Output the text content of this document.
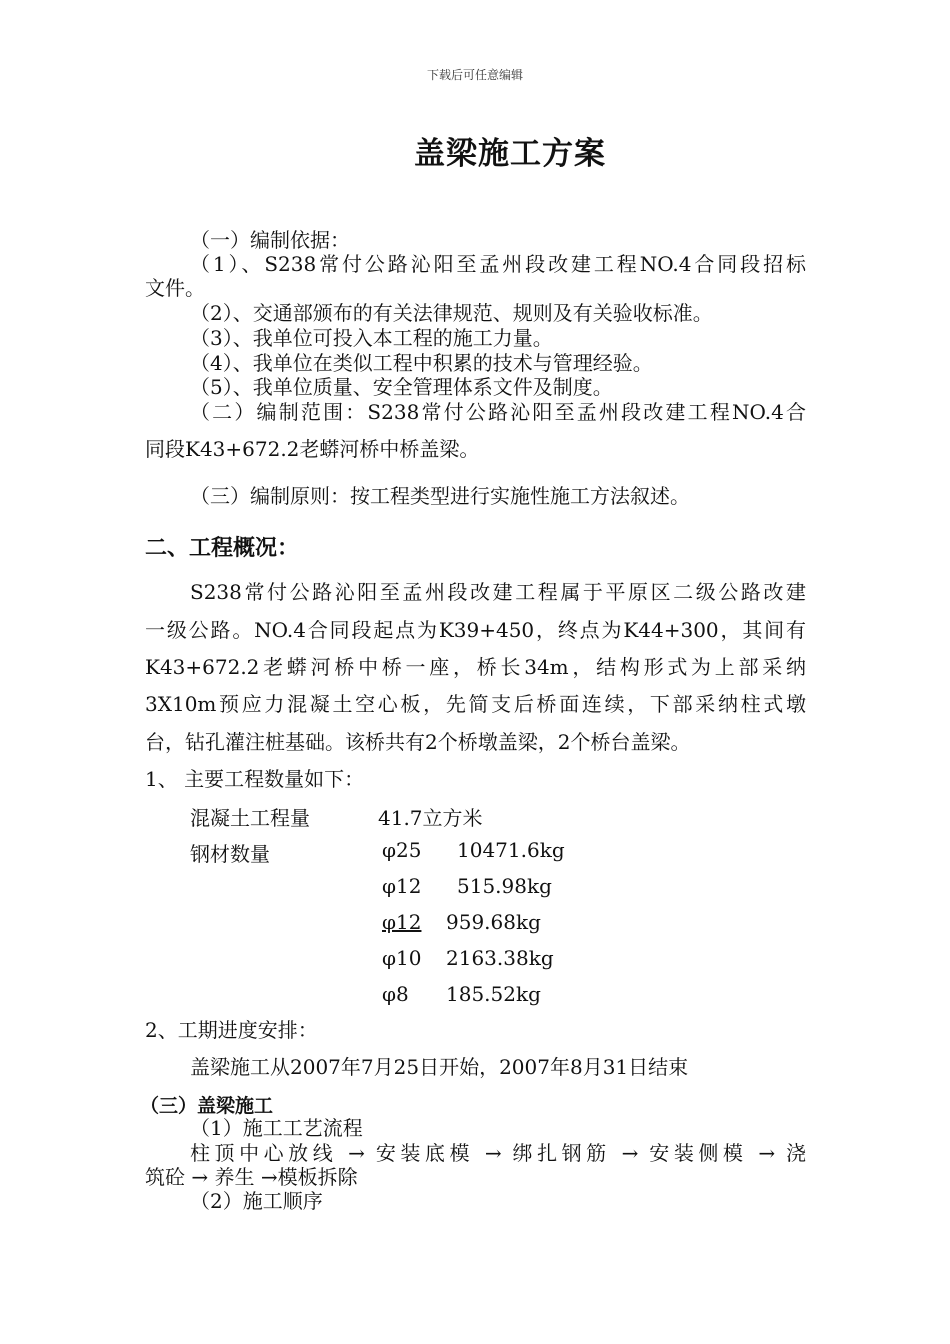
下载后可任意编辑
盖梁施工方案
（一）编制依据：
（1）、S238常付公路沁阳至孟州段改建工程NO.4合同段招标
文件。
（2）、交通部颁布的有关法律规范、规则及有关验收标准。
（3）、我单位可投入本工程的施工力量。
（4）、我单位在类似工程中积累的技术与管理经验。
（5）、我单位质量、安全管理体系文件及制度。
（二）编制范围：S238常付公路沁阳至孟州段改建工程NO.4合
同段K43+672.2老蟒河桥中桥盖梁。
（三）编制原则：按工程类型进行实施性施工方法叙述。
二、工程概况：
S238常付公路沁阳至孟州段改建工程属于平原区二级公路改建
一级公路。NO.4合同段起点为K39+450，终点为K44+300，其间有
K43+672.2老蟒河桥中桥一座，桥长34m，结构形式为上部采纳
3X10m预应力混凝土空心板，先简支后桥面连续，下部采纳柱式墩
台，钻孔灌注桩基础。该桥共有2个桥墩盖梁，2个桥台盖梁。
1、 主要工程数量如下：
混凝土工程量	41.7立方米
钢材数量	φ25 10471.6kg
φ12 515.98kg
φ12 959.68kg
φ10 2163.38kg
φ8 185.52kg
2、工期进度安排：
盖梁施工从2007年7月25日开始，2007年8月31日结束
（三）盖梁施工
（1）施工工艺流程
柱顶中心放线 → 安装底模 → 绑扎钢筋 → 安装侧模 → 浇
筑砼 → 养生 →模板拆除
（2）施工顺序
